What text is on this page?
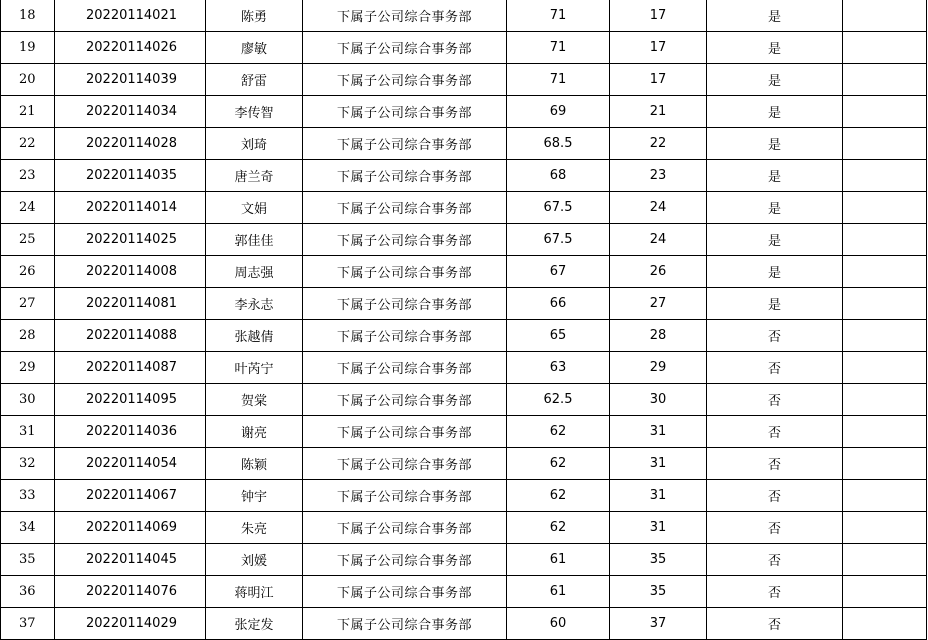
18	20220114021	陈勇	下属子公司综合事务部	71	17	是	
19	20220114026	廖敏	下属子公司综合事务部	71	17	是	
20	20220114039	舒雷	下属子公司综合事务部	71	17	是	
21	20220114034	李传智	下属子公司综合事务部	69	21	是	
22	20220114028	刘琦	下属子公司综合事务部	68.5	22	是	
23	20220114035	唐兰奇	下属子公司综合事务部	68	23	是	
24	20220114014	文娟	下属子公司综合事务部	67.5	24	是	
25	20220114025	郭佳佳	下属子公司综合事务部	67.5	24	是	
26	20220114008	周志强	下属子公司综合事务部	67	26	是	
27	20220114081	李永志	下属子公司综合事务部	66	27	是	
28	20220114088	张越倩	下属子公司综合事务部	65	28	否	
29	20220114087	叶芮宁	下属子公司综合事务部	63	29	否	
30	20220114095	贺棠	下属子公司综合事务部	62.5	30	否	
31	20220114036	谢亮	下属子公司综合事务部	62	31	否	
32	20220114054	陈颖	下属子公司综合事务部	62	31	否	
33	20220114067	钟宇	下属子公司综合事务部	62	31	否	
34	20220114069	朱亮	下属子公司综合事务部	62	31	否	
35	20220114045	刘媛	下属子公司综合事务部	61	35	否	
36	20220114076	蒋明江	下属子公司综合事务部	61	35	否	
37	20220114029	张定发	下属子公司综合事务部	60	37	否	
